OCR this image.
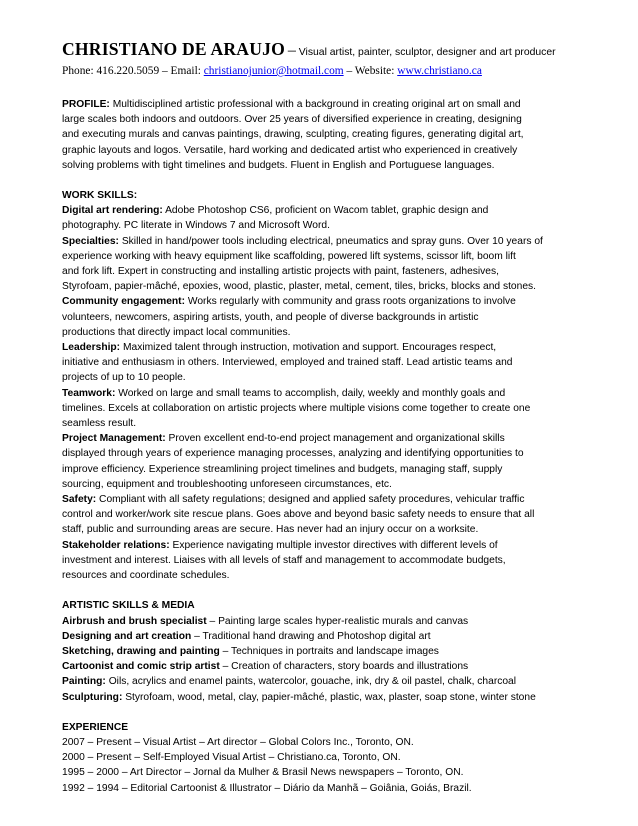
CHRISTIANO DE ARAUJO – Visual artist, painter, sculptor, designer and art producer
Phone: 416.220.5059 – Email: christianojunior@hotmail.com – Website: www.christiano.ca
PROFILE: Multidisciplined artistic professional with a background in creating original art on small and
large scales both indoors and outdoors. Over 25 years of diversified experience in creating, designing
and executing murals and canvas paintings, drawing, sculpting, creating figures, generating digital art,
graphic layouts and logos. Versatile, hard working and dedicated artist who experienced in creatively
solving problems with tight timelines and budgets. Fluent in English and Portuguese languages.
WORK SKILLS:
Digital art rendering: Adobe Photoshop CS6, proficient on Wacom tablet, graphic design and
photography. PC literate in Windows 7 and Microsoft Word.
Specialties: Skilled in hand/power tools including electrical, pneumatics and spray guns. Over 10 years of
experience working with heavy equipment like scaffolding, powered lift systems, scissor lift, boom lift
and fork lift. Expert in constructing and installing artistic projects with paint, fasteners, adhesives,
Styrofoam, papier-mâché, epoxies, wood, plastic, plaster, metal, cement, tiles, bricks, blocks and stones.
Community engagement: Works regularly with community and grass roots organizations to involve
volunteers, newcomers, aspiring artists, youth, and people of diverse backgrounds in artistic
productions that directly impact local communities.
Leadership: Maximized talent through instruction, motivation and support. Encourages respect,
initiative and enthusiasm in others. Interviewed, employed and trained staff. Lead artistic teams and
projects of up to 10 people.
Teamwork: Worked on large and small teams to accomplish, daily, weekly and monthly goals and
timelines. Excels at collaboration on artistic projects where multiple visions come together to create one
seamless result.
Project Management: Proven excellent end-to-end project management and organizational skills
displayed through years of experience managing processes, analyzing and identifying opportunities to
improve efficiency. Experience streamlining project timelines and budgets, managing staff, supply
sourcing, equipment and troubleshooting unforeseen circumstances, etc.
Safety: Compliant with all safety regulations; designed and applied safety procedures, vehicular traffic
control and worker/work site rescue plans. Goes above and beyond basic safety needs to ensure that all
staff, public and surrounding areas are secure. Has never had an injury occur on a worksite.
Stakeholder relations: Experience navigating multiple investor directives with different levels of
investment and interest. Liaises with all levels of staff and management to accommodate budgets,
resources and coordinate schedules.
ARTISTIC SKILLS & MEDIA
Airbrush and brush specialist – Painting large scales hyper-realistic murals and canvas
Designing and art creation – Traditional hand drawing and Photoshop digital art
Sketching, drawing and painting – Techniques in portraits and landscape images
Cartoonist and comic strip artist – Creation of characters, story boards and illustrations
Painting: Oils, acrylics and enamel paints, watercolor, gouache, ink, dry & oil pastel, chalk, charcoal
Sculpturing: Styrofoam, wood, metal, clay, papier-mâché, plastic, wax, plaster, soap stone, winter stone
EXPERIENCE
2007 – Present – Visual Artist – Art director – Global Colors Inc., Toronto, ON.
2000 – Present – Self-Employed Visual Artist – Christiano.ca, Toronto, ON.
1995 – 2000 – Art Director – Jornal da Mulher & Brasil News newspapers – Toronto, ON.
1992 – 1994 – Editorial Cartoonist & Illustrator – Diário da Manhã – Goiânia, Goiás, Brazil.
